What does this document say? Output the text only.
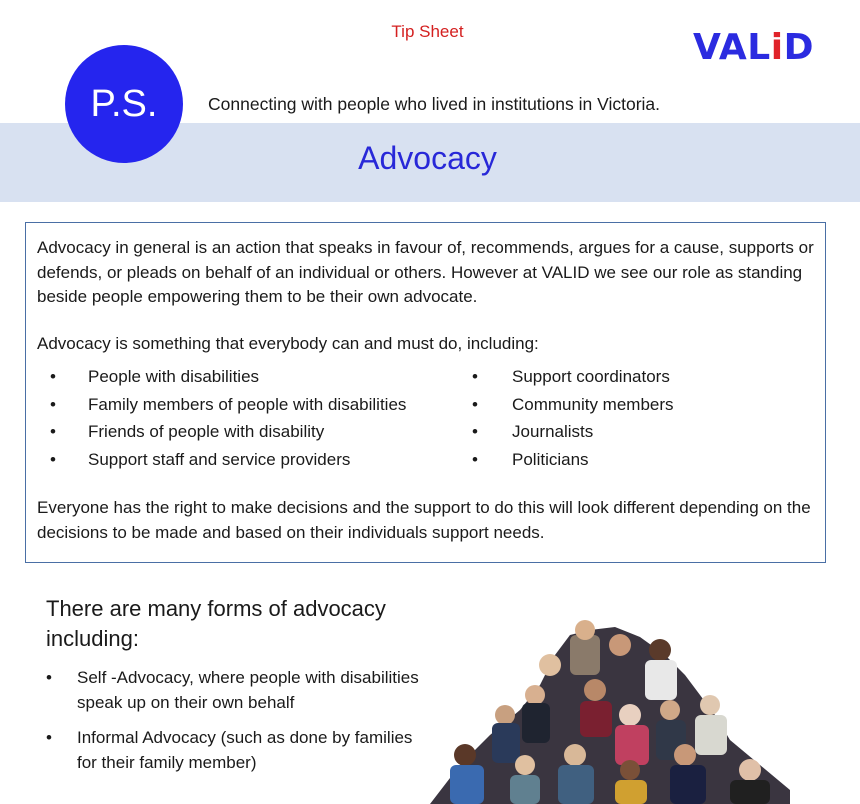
Tip Sheet	VALiD
P.S.	Connecting with people who lived in institutions in Victoria.
Advocacy

Advocacy in general is an action that speaks in favour of, recommends, argues for a cause, supports or defends, or pleads on behalf of an individual or others. However at VALID we see our role as standing beside people empowering them to be their own advocate.

Advocacy is something that everybody can and must do, including:

• People with disabilities
• Family members of people with disabilities
• Friends of people with disability
• Support staff and service providers
• Support coordinators
• Community members
• Journalists
• Politicians

Everyone has the right to make decisions and the support to do this will look different depending on the decisions to be made and based on their individuals support needs.

There are many forms of advocacy including:
• Self -Advocacy, where people with disabilities speak up on their own behalf
• Informal Advocacy (such as done by families for their family member)
